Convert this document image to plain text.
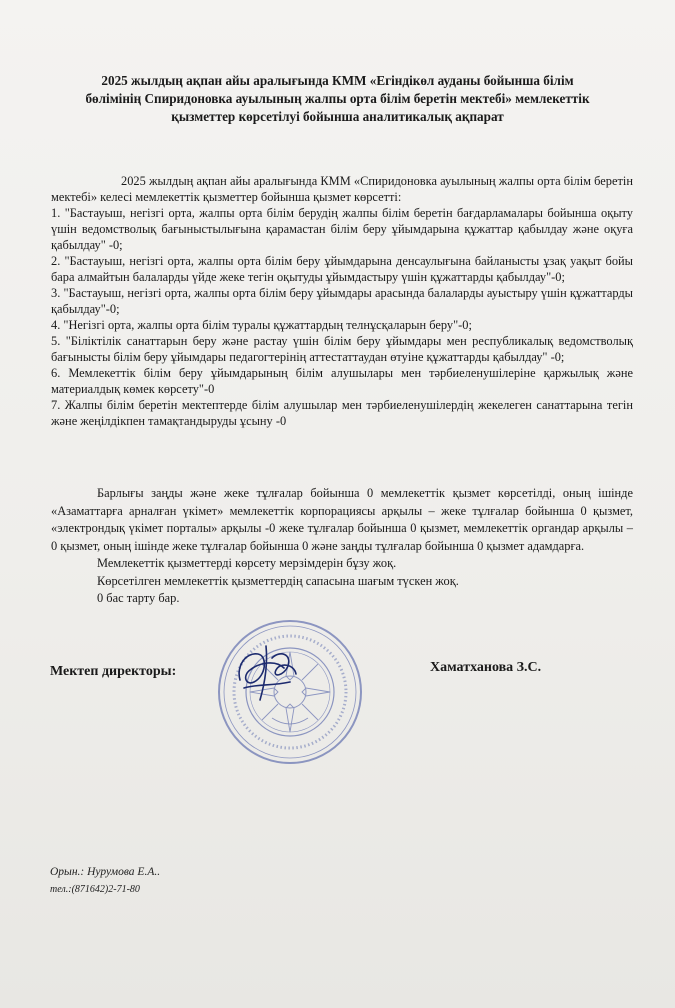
2025 жылдың ақпан айы аралығында КММ «Егіндікөл ауданы бойынша білім
бөлімінің Спиридоновка ауылының жалпы орта білім беретін мектебі» мемлекеттік
қызметтер көрсетілуі бойынша аналитикалық ақпарат

2025 жылдың ақпан айы аралығында КММ «Спиридоновка ауылының жалпы орта білім беретін мектебі» келесі мемлекеттік қызметтер бойынша қызмет көрсетті:

1. "Бастауыш, негізгі орта, жалпы орта білім берудің жалпы білім беретін бағдарламалары бойынша оқыту үшін ведомстволық бағыныстылығына қарамастан білім беру ұйымдарына құжаттар қабылдау және оқуға қабылдау" -0;

2. "Бастауыш, негізгі орта, жалпы орта білім беру ұйымдарына денсаулығына байланысты ұзақ уақыт бойы бара алмайтын балаларды үйде жеке тегін оқытуды ұйымдастыру үшін құжаттарды қабылдау"-0;

3. "Бастауыш, негізгі орта, жалпы орта білім беру ұйымдары арасында балаларды ауыстыру үшін құжаттарды қабылдау"-0;

4. "Негізгі орта, жалпы орта білім туралы құжаттардың телнұсқаларын беру"-0;

5. "Біліктілік санаттарын беру және растау үшін білім беру ұйымдары мен республикалық ведомстволық бағынысты білім беру ұйымдары педагогтерінің аттестаттаудан өтуіне құжаттарды қабылдау" -0;

6. Мемлекеттік білім беру ұйымдарының білім алушылары мен тәрбиеленушілеріне қаржылық және материалдық көмек көрсету"-0

7. Жалпы білім беретін мектептерде білім алушылар мен тәрбиеленушілердің жекелеген санаттарына тегін және жеңілдікпен тамақтандыруды ұсыну -0

Барлығы заңды және жеке тұлғалар бойынша 0 мемлекеттік қызмет көрсетілді, оның ішінде «Азаматтарға арналған үкімет» мемлекеттік корпорациясы арқылы – жеке тұлғалар бойынша 0 қызмет, «электрондық үкімет порталы» арқылы -0 жеке тұлғалар бойынша 0 қызмет, мемлекеттік органдар арқылы – 0 қызмет, оның ішінде жеке тұлғалар бойынша 0 және заңды тұлғалар бойынша 0 қызмет адамдарға.

Мемлекеттік қызметтерді көрсету мерзімдерін бұзу жоқ.

Көрсетілген мемлекеттік қызметтердің сапасына шағым түскен жоқ.

0 бас тарту бар.

Мектеп директоры:	Хаматханова З.С.
Орын.: Нурумова Е.А..
тел.:(871642)2-71-80
